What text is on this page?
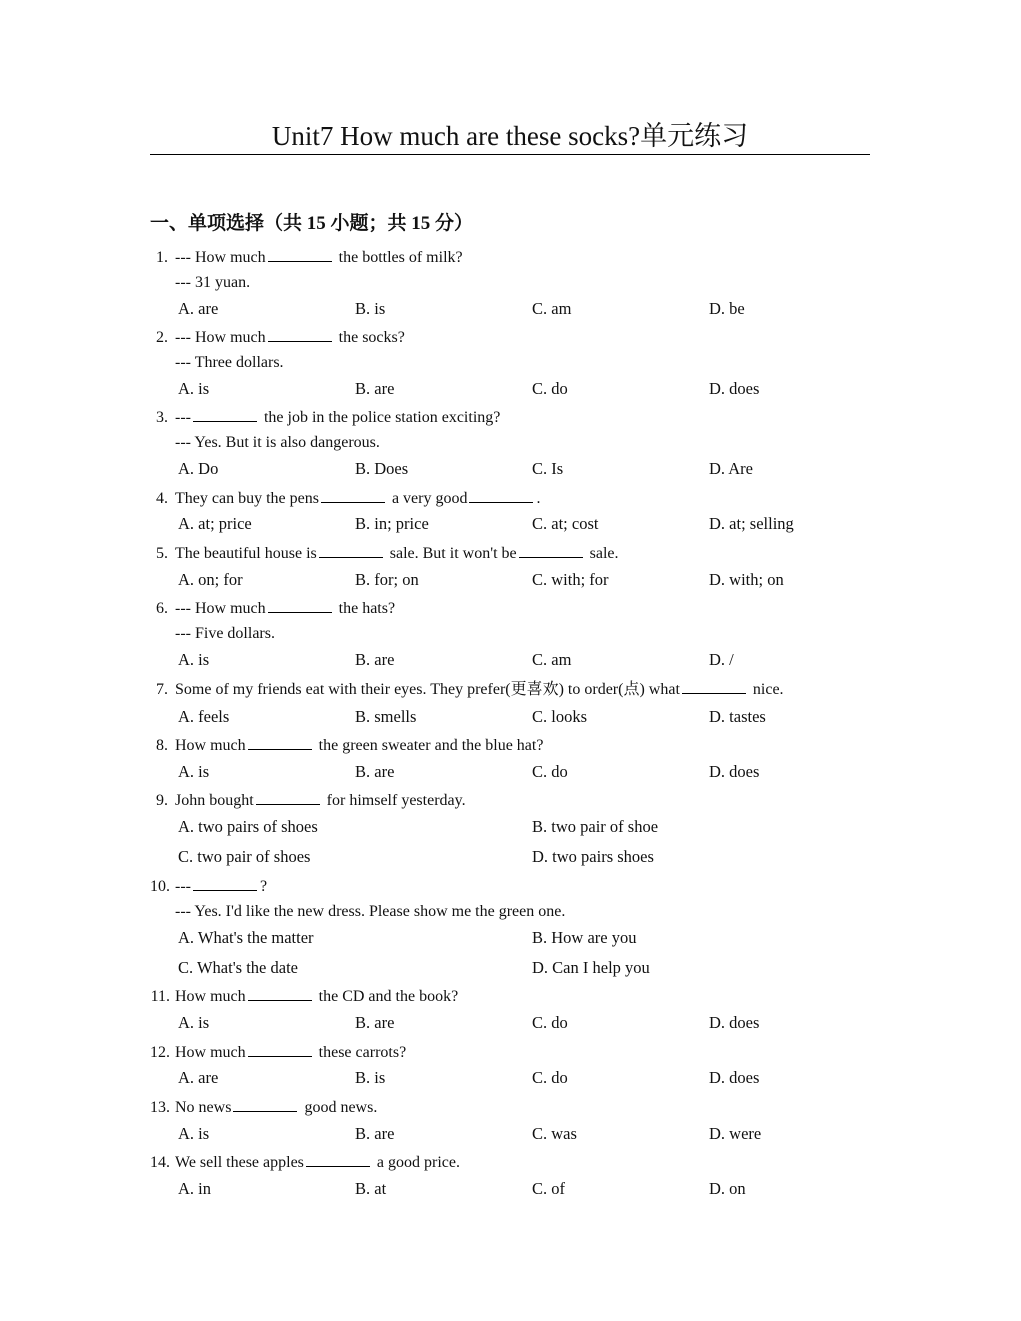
Unit7 How much are these socks?单元练习
一、单项选择（共 15 小题；共 15 分）
1. --- How much	the bottles of milk?
--- 31 yuan.
A. are	B. is	C. am	D. be
2. --- How much	the socks?
--- Three dollars.
A. is	B. are	C. do	D. does
3. ---	the job in the police station exciting?
--- Yes. But it is also dangerous.
A. Do	B. Does	C. Is	D. Are
4. They can buy the pens	a very good	.
A. at; price	B. in; price	C. at; cost	D. at; selling
5. The beautiful house is	sale. But it won't be	sale.
A. on; for	B. for; on	C. with; for	D. with; on
6. --- How much	the hats?
--- Five dollars.
A. is	B. are	C. am	D. /
7. Some of my friends eat with their eyes. They prefer(更喜欢) to order(点) what	nice.
A. feels	B. smells	C. looks	D. tastes
8. How much	the green sweater and the blue hat?
A. is	B. are	C. do	D. does
9. John bought	for himself yesterday.
A. two pairs of shoes	B. two pair of shoe
C. two pair of shoes	D. two pairs shoes
10. ---	?
--- Yes. I'd like the new dress. Please show me the green one.
A. What's the matter	B. How are you
C. What's the date	D. Can I help you
11. How much	the CD and the book?
A. is	B. are	C. do	D. does
12. How much	these carrots?
A. are	B. is	C. do	D. does
13. No news	good news.
A. is	B. are	C. was	D. were
14. We sell these apples	a good price.
A. in	B. at	C. of	D. on
